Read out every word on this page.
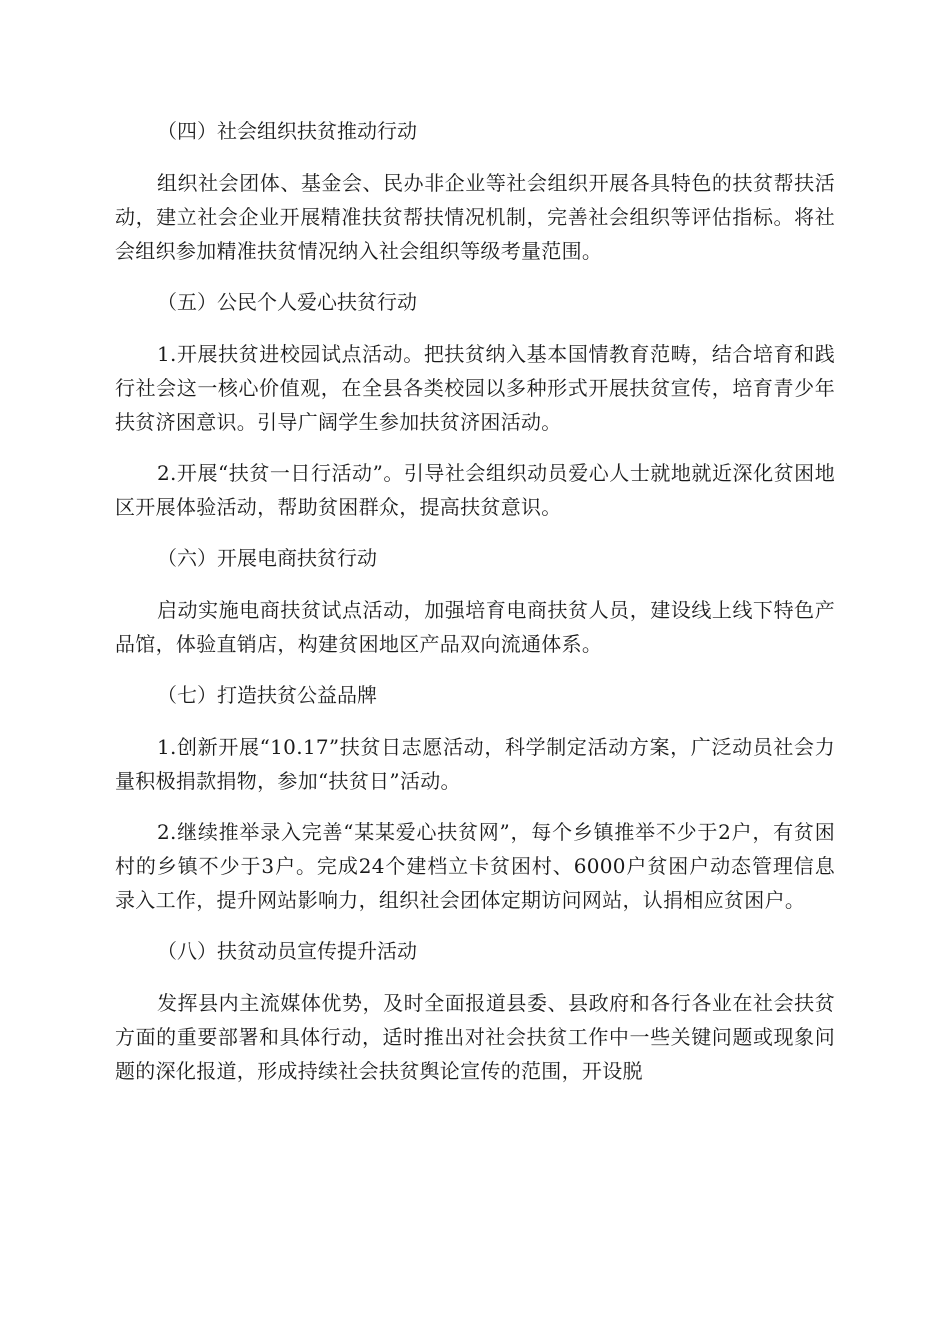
（四）社会组织扶贫推动行动

组织社会团体、基金会、民办非企业等社会组织开展各具特色的扶贫帮扶活动，建立社会企业开展精准扶贫帮扶情况机制，完善社会组织等评估指标。将社会组织参加精准扶贫情况纳入社会组织等级考量范围。

（五）公民个人爱心扶贫行动

1.开展扶贫进校园试点活动。把扶贫纳入基本国情教育范畴，结合培育和践行社会这一核心价值观，在全县各类校园以多种形式开展扶贫宣传，培育青少年扶贫济困意识。引导广阔学生参加扶贫济困活动。

2.开展“扶贫一日行活动”。引导社会组织动员爱心人士就地就近深化贫困地区开展体验活动，帮助贫困群众，提高扶贫意识。

（六）开展电商扶贫行动

启动实施电商扶贫试点活动，加强培育电商扶贫人员，建设线上线下特色产品馆，体验直销店，构建贫困地区产品双向流通体系。

（七）打造扶贫公益品牌

1.创新开展“10.17”扶贫日志愿活动，科学制定活动方案，广泛动员社会力量积极捐款捐物，参加“扶贫日”活动。

2.继续推举录入完善“某某爱心扶贫网”，每个乡镇推举不少于2户，有贫困村的乡镇不少于3户。完成24个建档立卡贫困村、6000户贫困户动态管理信息录入工作，提升网站影响力，组织社会团体定期访问网站，认捐相应贫困户。

（八）扶贫动员宣传提升活动

发挥县内主流媒体优势，及时全面报道县委、县政府和各行各业在社会扶贫方面的重要部署和具体行动，适时推出对社会扶贫工作中一些关键问题或现象问题的深化报道，形成持续社会扶贫舆论宣传的范围，开设脱
